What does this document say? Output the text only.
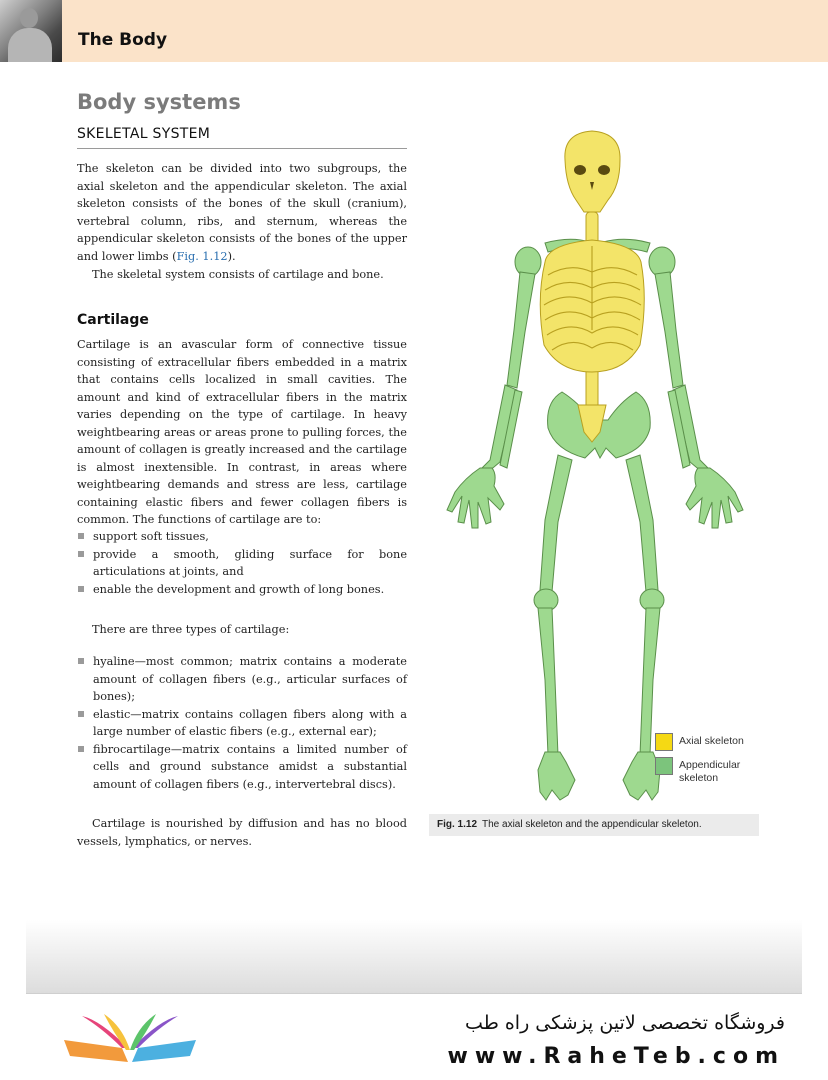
The Body
Body systems
SKELETAL SYSTEM
The skeleton can be divided into two subgroups, the axial skeleton and the appendicular skeleton. The axial skeleton consists of the bones of the skull (cranium), vertebral column, ribs, and sternum, whereas the appendicular skeleton consists of the bones of the upper and lower limbs (Fig. 1.12).
The skeletal system consists of cartilage and bone.
Cartilage
Cartilage is an avascular form of connective tissue consisting of extracellular fibers embedded in a matrix that contains cells localized in small cavities. The amount and kind of extracellular fibers in the matrix varies depending on the type of cartilage. In heavy weightbearing areas or areas prone to pulling forces, the amount of collagen is greatly increased and the cartilage is almost inextensible. In contrast, in areas where weightbearing demands and stress are less, cartilage containing elastic fibers and fewer collagen fibers is common. The functions of cartilage are to:
support soft tissues,
provide a smooth, gliding surface for bone articulations at joints, and
enable the development and growth of long bones.
There are three types of cartilage:
hyaline—most common; matrix contains a moderate amount of collagen fibers (e.g., articular surfaces of bones);
elastic—matrix contains collagen fibers along with a large number of elastic fibers (e.g., external ear);
fibrocartilage—matrix contains a limited number of cells and ground substance amidst a substantial amount of collagen fibers (e.g., intervertebral discs).
Cartilage is nourished by diffusion and has no blood vessels, lymphatics, or nerves.
Axial skeleton
Appendicular skeleton
Fig. 1.12 The axial skeleton and the appendicular skeleton.
فروشگاه تخصصی لاتین پزشکی راه طب
www.RaheTeb.com
